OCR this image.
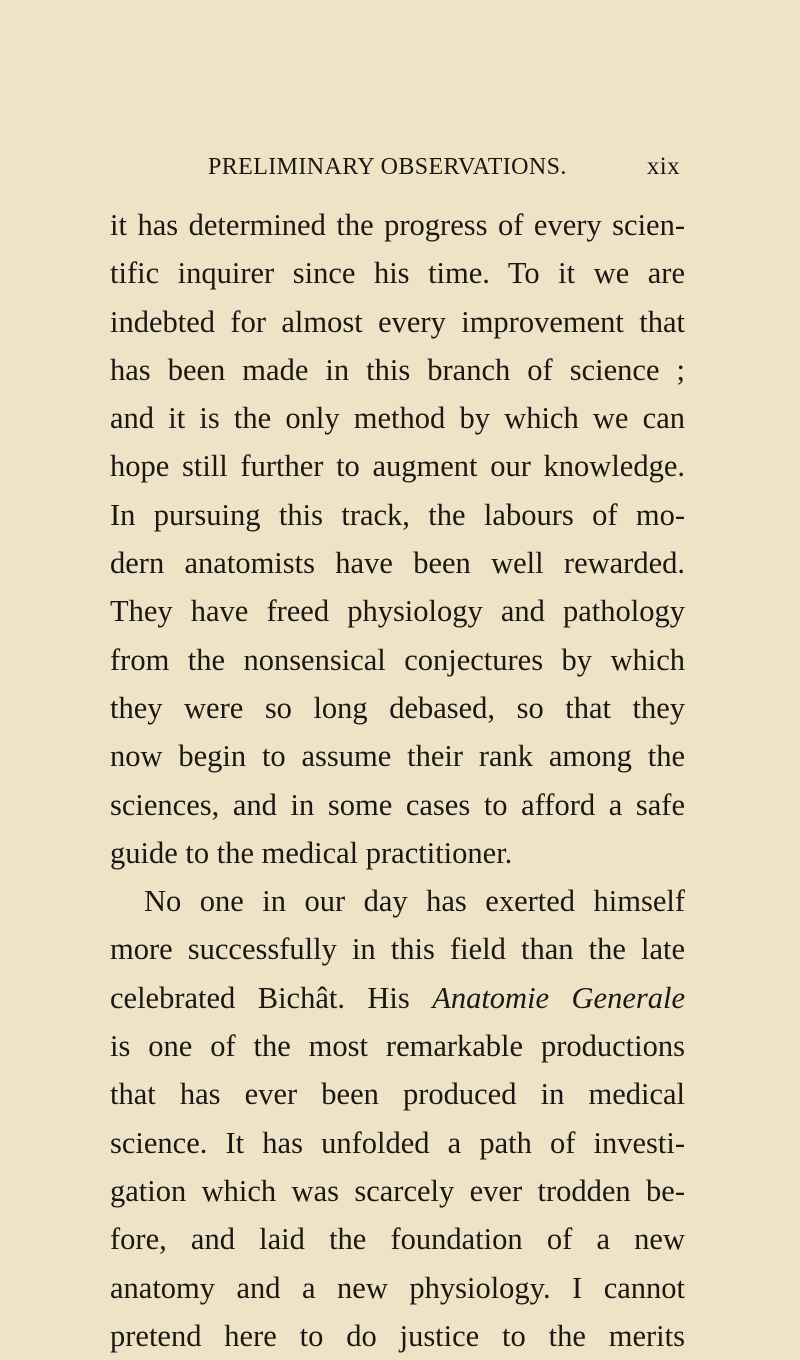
PRELIMINARY OBSERVATIONS.	xix
it has determined the progress of every scien-
tific inquirer since his time. To it we are
indebted for almost every improvement that
has been made in this branch of science ;
and it is the only method by which we can
hope still further to augment our knowledge.
In pursuing this track, the labours of mo-
dern anatomists have been well rewarded.
They have freed physiology and pathology
from the nonsensical conjectures by which
they were so long debased, so that they
now begin to assume their rank among the
sciences, and in some cases to afford a safe
guide to the medical practitioner.
No one in our day has exerted himself
more successfully in this field than the late
celebrated Bichât. His Anatomie Generale
is one of the most remarkable productions
that has ever been produced in medical
science. It has unfolded a path of investi-
gation which was scarcely ever trodden be-
fore, and laid the foundation of a new
anatomy and a new physiology. I cannot
pretend here to do justice to the merits
